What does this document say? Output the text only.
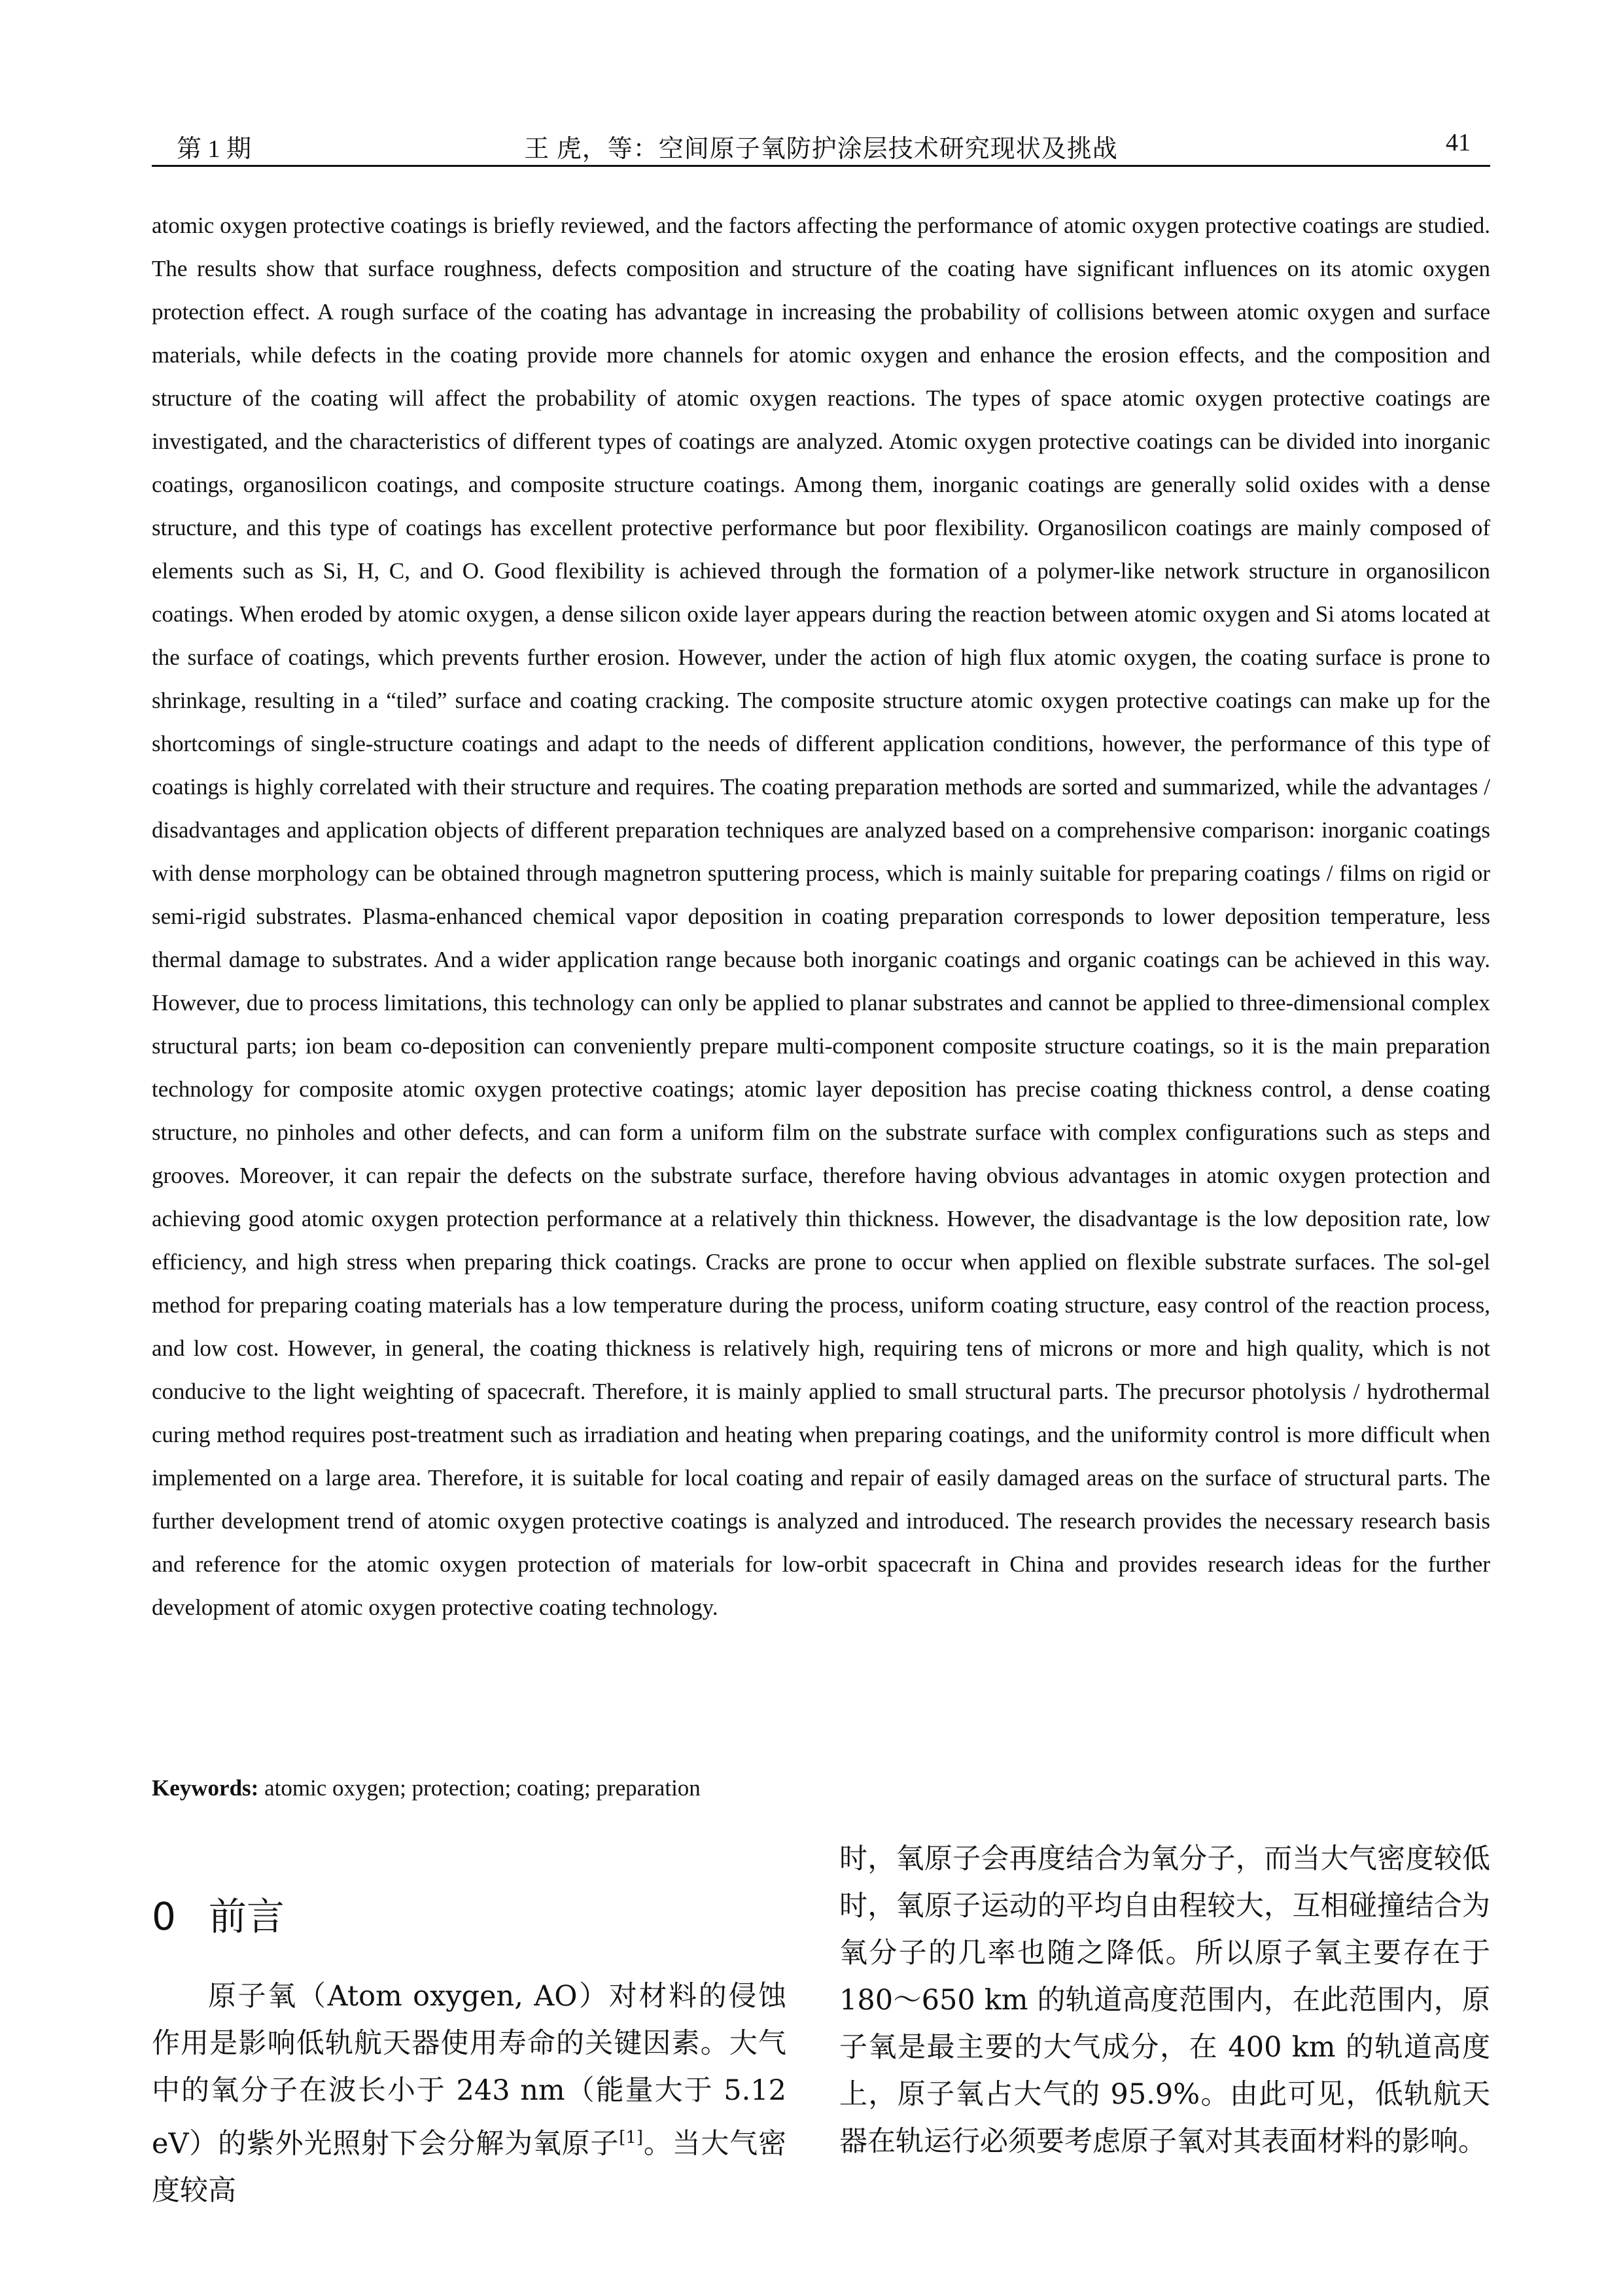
第 1 期	王 虎，等：空间原子氧防护涂层技术研究现状及挑战	41

atomic oxygen protective coatings is briefly reviewed, and the factors affecting the performance of atomic oxygen protective coatings are studied. The results show that surface roughness, defects composition and structure of the coating have significant influences on its atomic oxygen protection effect. A rough surface of the coating has advantage in increasing the probability of collisions between atomic oxygen and surface materials, while defects in the coating provide more channels for atomic oxygen and enhance the erosion effects, and the composition and structure of the coating will affect the probability of atomic oxygen reactions. The types of space atomic oxygen protective coatings are investigated, and the characteristics of different types of coatings are analyzed. Atomic oxygen protective coatings can be divided into inorganic coatings, organosilicon coatings, and composite structure coatings. Among them, inorganic coatings are generally solid oxides with a dense structure, and this type of coatings has excellent protective performance but poor flexibility. Organosilicon coatings are mainly composed of elements such as Si, H, C, and O. Good flexibility is achieved through the formation of a polymer-like network structure in organosilicon coatings. When eroded by atomic oxygen, a dense silicon oxide layer appears during the reaction between atomic oxygen and Si atoms located at the surface of coatings, which prevents further erosion. However, under the action of high flux atomic oxygen, the coating surface is prone to shrinkage, resulting in a “tiled” surface and coating cracking. The composite structure atomic oxygen protective coatings can make up for the shortcomings of single-structure coatings and adapt to the needs of different application conditions, however, the performance of this type of coatings is highly correlated with their structure and requires. The coating preparation methods are sorted and summarized, while the advantages / disadvantages and application objects of different preparation techniques are analyzed based on a comprehensive comparison: inorganic coatings with dense morphology can be obtained through magnetron sputtering process, which is mainly suitable for preparing coatings / films on rigid or semi-rigid substrates. Plasma-enhanced chemical vapor deposition in coating preparation corresponds to lower deposition temperature, less thermal damage to substrates. And a wider application range because both inorganic coatings and organic coatings can be achieved in this way. However, due to process limitations, this technology can only be applied to planar substrates and cannot be applied to three-dimensional complex structural parts; ion beam co-deposition can conveniently prepare multi-component composite structure coatings, so it is the main preparation technology for composite atomic oxygen protective coatings; atomic layer deposition has precise coating thickness control, a dense coating structure, no pinholes and other defects, and can form a uniform film on the substrate surface with complex configurations such as steps and grooves. Moreover, it can repair the defects on the substrate surface, therefore having obvious advantages in atomic oxygen protection and achieving good atomic oxygen protection performance at a relatively thin thickness. However, the disadvantage is the low deposition rate, low efficiency, and high stress when preparing thick coatings. Cracks are prone to occur when applied on flexible substrate surfaces. The sol-gel method for preparing coating materials has a low temperature during the process, uniform coating structure, easy control of the reaction process, and low cost. However, in general, the coating thickness is relatively high, requiring tens of microns or more and high quality, which is not conducive to the light weighting of spacecraft. Therefore, it is mainly applied to small structural parts. The precursor photolysis / hydrothermal curing method requires post-treatment such as irradiation and heating when preparing coatings, and the uniformity control is more difficult when implemented on a large area. Therefore, it is suitable for local coating and repair of easily damaged areas on the surface of structural parts. The further development trend of atomic oxygen protective coatings is analyzed and introduced. The research provides the necessary research basis and reference for the atomic oxygen protection of materials for low-orbit spacecraft in China and provides research ideas for the further development of atomic oxygen protective coating technology.

Keywords: atomic oxygen; protection; coating; preparation
0 前言

原子氧（Atom oxygen, AO）对材料的侵蚀作用是影响低轨航天器使用寿命的关键因素。大气中的氧分子在波长小于 243 nm（能量大于 5.12 eV）的紫外光照射下会分解为氧原子[1]。当大气密度较高

时，氧原子会再度结合为氧分子，而当大气密度较低时，氧原子运动的平均自由程较大，互相碰撞结合为氧分子的几率也随之降低。所以原子氧主要存在于 180～650 km 的轨道高度范围内，在此范围内，原子氧是最主要的大气成分，在 400 km 的轨道高度上，原子氧占大气的 95.9%。由此可见，低轨航天器在轨运行必须要考虑原子氧对其表面材料的影响。
